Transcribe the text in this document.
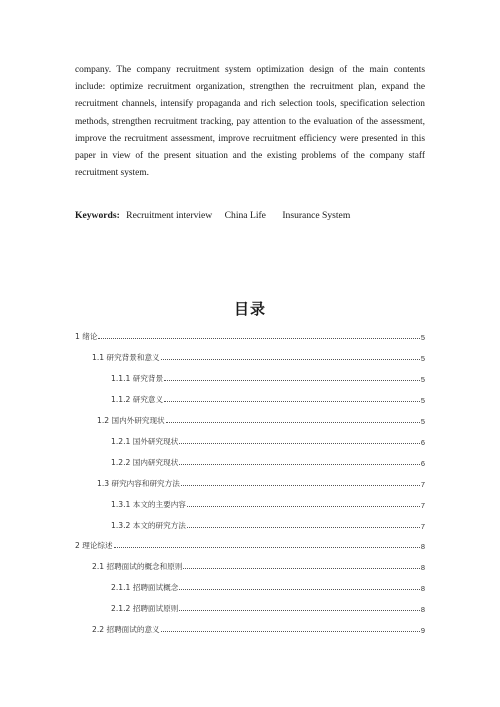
company. The company recruitment system optimization design of the main contents include: optimize recruitment organization, strengthen the recruitment plan, expand the recruitment channels, intensify propaganda and rich selection tools, specification selection methods, strengthen recruitment tracking, pay attention to the evaluation of the assessment, improve the recruitment assessment, improve recruitment efficiency were presented in this paper in view of the present situation and the existing problems of the company staff recruitment system.

Keywords: Recruitment interview China Life Insurance System
目录
1 绪论	5
1.1 研究背景和意义	5
1.1.1 研究背景	5
1.1.2 研究意义	5
1.2 国内外研究现状	5
1.2.1 国外研究现状	6
1.2.2 国内研究现状	6
1.3 研究内容和研究方法	7
1.3.1 本文的主要内容	7
1.3.2 本文的研究方法	7
2 理论综述	8
2.1 招聘面试的概念和原则	8
2.1.1 招聘面试概念	8
2.1.2 招聘面试原则	8
2.2 招聘面试的意义	9
